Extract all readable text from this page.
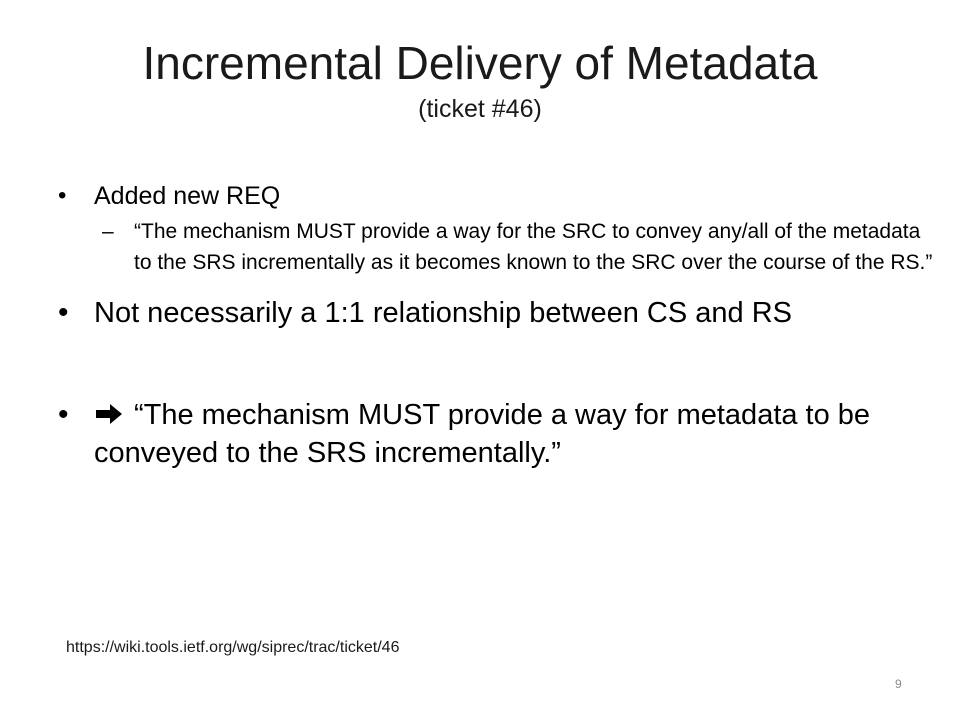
Incremental Delivery of Metadata
(ticket #46)
• Added new REQ
– “The mechanism MUST provide a way for the SRC to convey any/all of the metadata to the SRS incrementally as it becomes known to the SRC over the course of the RS.”
• Not necessarily a 1:1 relationship between CS and RS
• “The mechanism MUST provide a way for metadata to be conveyed to the SRS incrementally.”
https://wiki.tools.ietf.org/wg/siprec/trac/ticket/46
9
